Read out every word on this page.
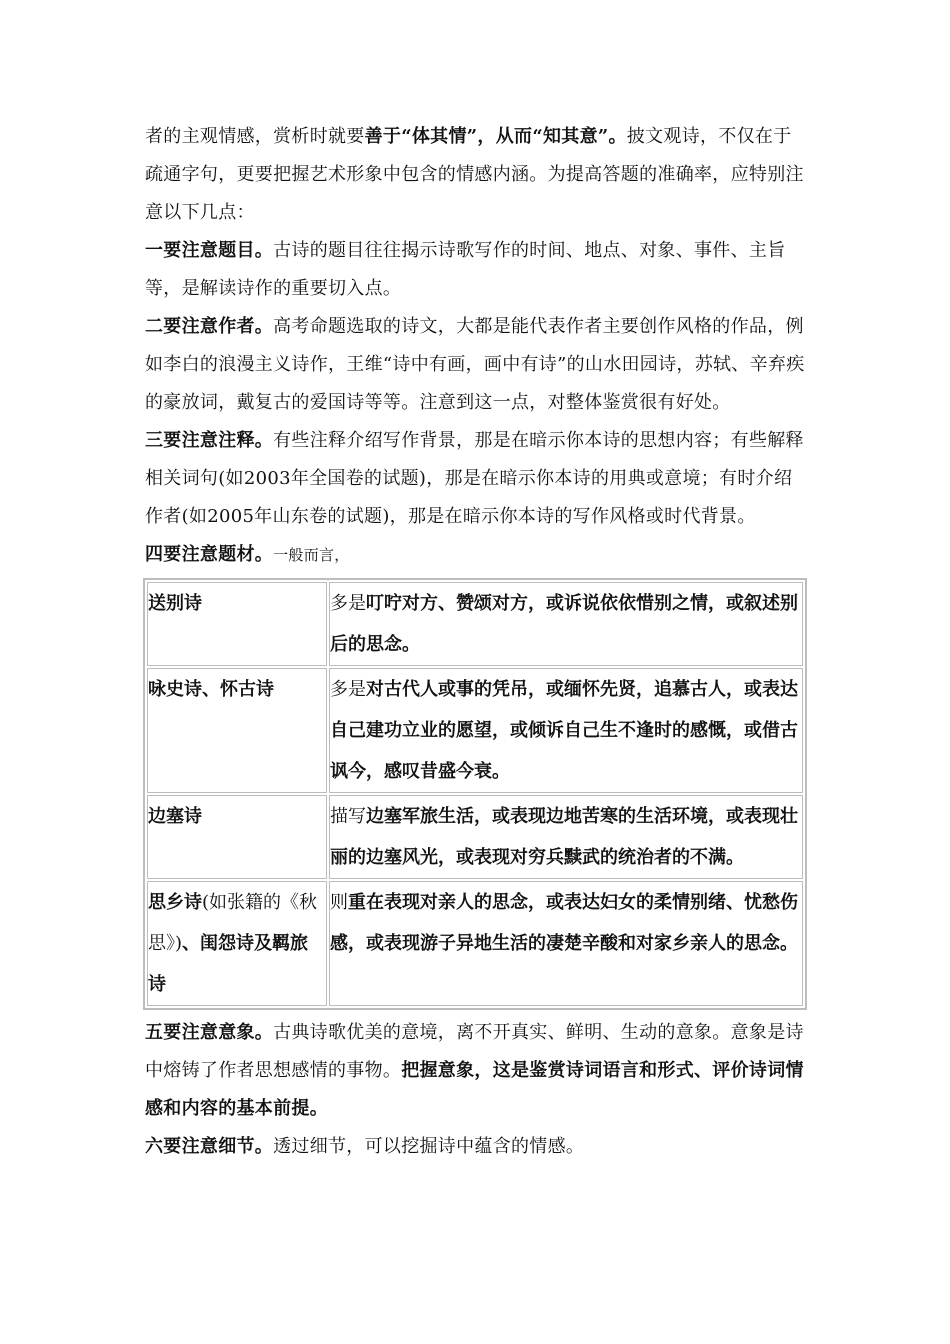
者的主观情感，赏析时就要善于“体其情”，从而“知其意”。披文观诗，不仅在于疏通字句，更要把握艺术形象中包含的情感内涵。为提高答题的准确率，应特别注意以下几点：

一要注意题目。古诗的题目往往揭示诗歌写作的时间、地点、对象、事件、主旨等，是解读诗作的重要切入点。

二要注意作者。高考命题选取的诗文，大都是能代表作者主要创作风格的作品，例如李白的浪漫主义诗作，王维“诗中有画，画中有诗”的山水田园诗，苏轼、辛弃疾的豪放词，戴复古的爱国诗等等。注意到这一点，对整体鉴赏很有好处。

三要注意注释。有些注释介绍写作背景，那是在暗示你本诗的思想内容；有些解释相关词句(如2003年全国卷的试题)，那是在暗示你本诗的用典或意境；有时介绍作者(如2005年山东卷的试题)，那是在暗示你本诗的写作风格或时代背景。

四要注意题材。一般而言，

送别诗	多是叮咛对方、赞颂对方，或诉说依依惜别之情，或叙述别后的思念。
咏史诗、怀古诗	多是对古代人或事的凭吊，或缅怀先贤，追慕古人，或表达自己建功立业的愿望，或倾诉自己生不逢时的感慨，或借古讽今，感叹昔盛今衰。
边塞诗	描写边塞军旅生活，或表现边地苦寒的生活环境，或表现壮丽的边塞风光，或表现对穷兵黩武的统治者的不满。
思乡诗(如张籍的《秋思》)、闺怨诗及羁旅诗	则重在表现对亲人的思念，或表达妇女的柔情别绪、忧愁伤感，或表现游子异地生活的凄楚辛酸和对家乡亲人的思念。

五要注意意象。古典诗歌优美的意境，离不开真实、鲜明、生动的意象。意象是诗中熔铸了作者思想感情的事物。把握意象，这是鉴赏诗词语言和形式、评价诗词情感和内容的基本前提。

六要注意细节。透过细节，可以挖掘诗中蕴含的情感。
